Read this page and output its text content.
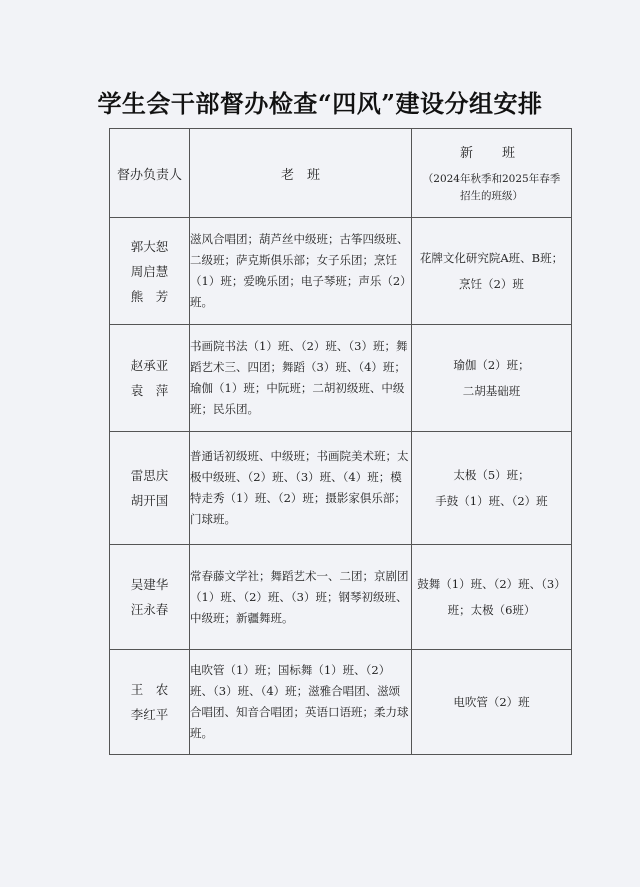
学生会干部督办检查“四风”建设分组安排
督办负责人	老　班	新　班
（2024年秋季和2025年春季招生的班级）

郭大恕
周启慧
熊　芳	滋风合唱团；葫芦丝中级班；古筝四级班、二级班；萨克斯俱乐部；女子乐团；烹饪（1）班；爱晚乐团；电子琴班；声乐（2）班。	花牌文化研究院A班、B班；
烹饪（2）班

赵承亚
袁　萍	书画院书法（1）班、（2）班、（3）班；舞蹈艺术三、四团；舞蹈（3）班、（4）班；瑜伽（1）班；中阮班；二胡初级班、中级班；民乐团。	瑜伽（2）班；
二胡基础班

雷思庆
胡开国	普通话初级班、中级班；书画院美术班；太极中级班、（2）班、（3）班、（4）班；模特走秀（1）班、（2）班；摄影家俱乐部；门球班。	太极（5）班；
手鼓（1）班、（2）班

吴建华
汪永春	常春藤文学社；舞蹈艺术一、二团；京剧团（1）班、（2）班、（3）班；钢琴初级班、中级班；新疆舞班。	鼓舞（1）班、（2）班、（3）
班；太极（6班）

王　农
李红平	电吹管（1）班；国标舞（1）班、（2）班、（3）班、（4）班；滋雅合唱团、滋颂合唱团、知音合唱团；英语口语班；柔力球班。	电吹管（2）班
